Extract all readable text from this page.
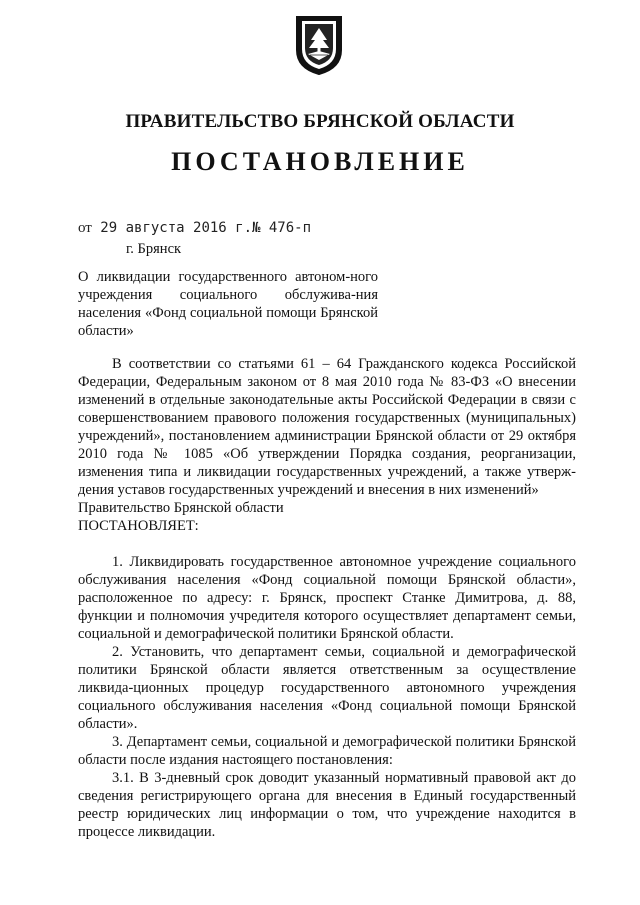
ПРАВИТЕЛЬСТВО БРЯНСКОЙ ОБЛАСТИ
ПОСТАНОВЛЕНИЕ
от 29 августа 2016 г.№ 476-п
г. Брянск
О ликвидации государственного автоном-ного учреждения социального обслужива-ния населения «Фонд социальной помощи Брянской области»

В соответствии со статьями 61 – 64 Гражданского кодекса Российской Федерации, Федеральным законом от 8 мая 2010 года № 83-ФЗ «О внесении изменений в отдельные законодательные акты Российской Федерации в связи с совершенствованием правового положения государственных (муниципальных) учреждений», постановлением администрации Брянской области от 29 октября 2010 года № 1085 «Об утверждении Порядка создания, реорганизации, изменения типа и ликвидации государственных учреждений, а также утверж-дения уставов государственных учреждений и внесения в них изменений»

Правительство Брянской области

ПОСТАНОВЛЯЕТ:

1. Ликвидировать государственное автономное учреждение социального обслуживания населения «Фонд социальной помощи Брянской области», расположенное по адресу: г. Брянск, проспект Станке Димитрова, д. 88, функции и полномочия учредителя которого осуществляет департамент семьи, социальной и демографической политики Брянской области.

2. Установить, что департамент семьи, социальной и демографической политики Брянской области является ответственным за осуществление ликвида-ционных процедур государственного автономного учреждения социального обслуживания населения «Фонд социальной помощи Брянской области».

3. Департамент семьи, социальной и демографической политики Брянской области после издания настоящего постановления:

3.1. В 3-дневный срок доводит указанный нормативный правовой акт до сведения регистрирующего органа для внесения в Единый государственный реестр юридических лиц информации о том, что учреждение находится в процессе ликвидации.
